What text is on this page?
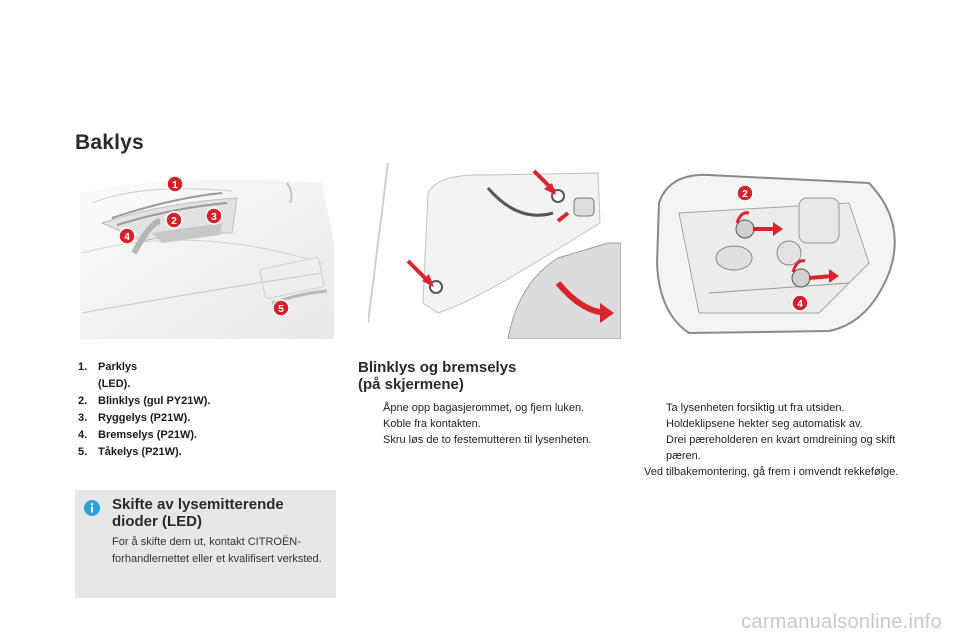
Baklys
1
2	3
4
5
2
4
1. Parklys
(LED).
2. Blinklys (gul PY21W).
3. Ryggelys (P21W).
4. Bremselys (P21W).
5. Tåkelys (P21W).
Blinklys og bremselys
(på skjermene)
Åpne opp bagasjerommet, og fjern luken.
Koble fra kontakten.
Skru løs de to festemutteren til lysenheten.
Ta lysenheten forsiktig ut fra utsiden. Holdeklipsene hekter seg automatisk av.
Drei pæreholderen en kvart omdreining og skift pæren.
Ved tilbakemontering, gå frem i omvendt rekkefølge.
Skifte av lysemitterende dioder (LED)
For å skifte dem ut, kontakt CITROËN-forhandlernettet eller et kvalifisert verksted.
carmanualsonline.info
